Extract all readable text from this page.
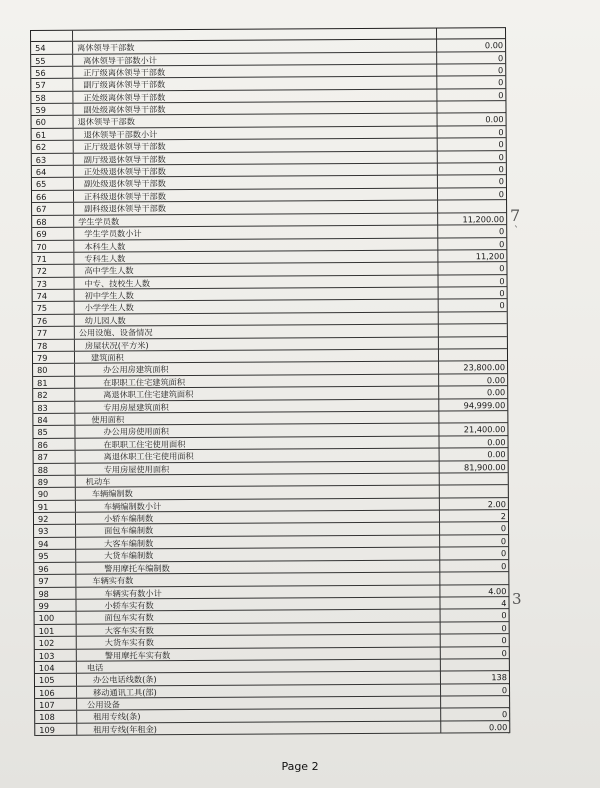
54	离休领导干部数	0.00
55	离休领导干部数小计	0
56	正厅级离休领导干部数	0
57	副厅级离休领导干部数	0
58	正处级离休领导干部数	0
59	副处级离休领导干部数
60	退休领导干部数	0.00
61	退休领导干部数小计	0
62	正厅级退休领导干部数	0
63	副厅级退休领导干部数	0
64	正处级退休领导干部数	0
65	副处级退休领导干部数	0
66	正科级退休领导干部数	0
67	副科级退休领导干部数
68	学生学员数	11,200.00
69	学生学员数小计	0
70	本科生人数	0
71	专科生人数	11,200
72	高中学生人数	0
73	中专、技校生人数	0
74	初中学生人数	0
75	小学学生人数	0
76	幼儿园人数
77	公用设施、设备情况
78	房屋状况(平方米)
79	建筑面积
80	办公用房建筑面积	23,800.00
81	在职职工住宅建筑面积	0.00
82	离退休职工住宅建筑面积	0.00
83	专用房屋建筑面积	94,999.00
84	使用面积
85	办公用房使用面积	21,400.00
86	在职职工住宅使用面积	0.00
87	离退休职工住宅使用面积	0.00
88	专用房屋使用面积	81,900.00
89	机动车
90	车辆编制数
91	车辆编制数小计	2.00
92	小轿车编制数	2
93	面包车编制数	0
94	大客车编制数	0
95	大货车编制数	0
96	警用摩托车编制数	0
97	车辆实有数
98	车辆实有数小计	4.00
99	小轿车实有数	4
100	面包车实有数	0
101	大客车实有数	0
102	大货车实有数	0
103	警用摩托车实有数	0
104	电话
105	办公电话线数(条)	138
106	移动通讯工具(部)	0
107	公用设备
108	租用专线(条)	0
109	租用专线(年租金)	0.00
7
ˋ
3
Page 2
